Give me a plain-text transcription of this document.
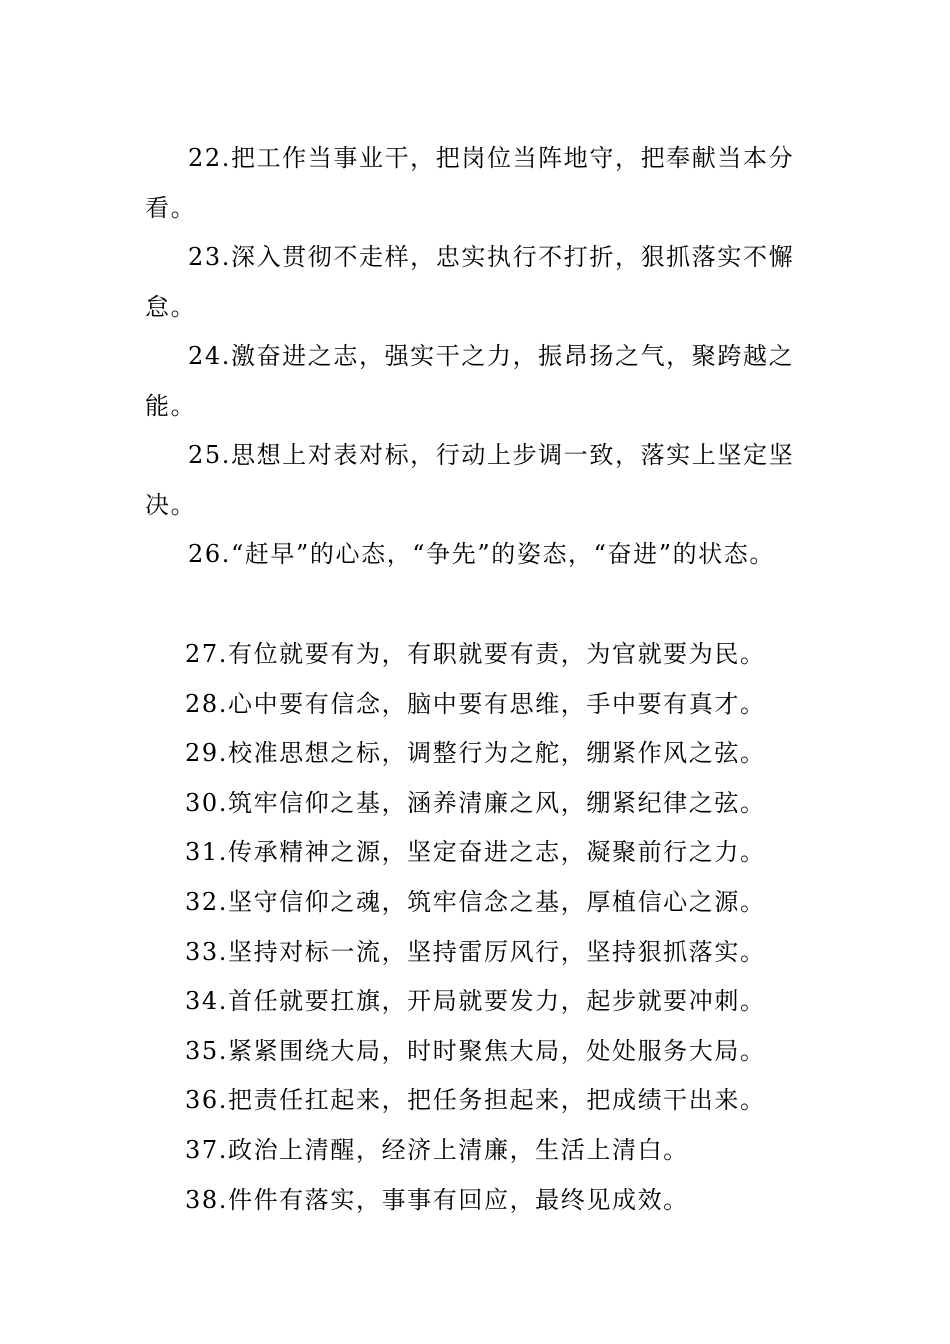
22.把工作当事业干，把岗位当阵地守，把奉献当本分
看。

23.深入贯彻不走样，忠实执行不打折，狠抓落实不懈
怠。

24.激奋进之志，强实干之力，振昂扬之气，聚跨越之
能。

25.思想上对表对标，行动上步调一致，落实上坚定坚
决。

26.“赶早”的心态，“争先”的姿态，“奋进”的状态。

27.有位就要有为，有职就要有责，为官就要为民。
28.心中要有信念，脑中要有思维，手中要有真才。
29.校准思想之标，调整行为之舵，绷紧作风之弦。
30.筑牢信仰之基，涵养清廉之风，绷紧纪律之弦。
31.传承精神之源，坚定奋进之志，凝聚前行之力。
32.坚守信仰之魂，筑牢信念之基，厚植信心之源。
33.坚持对标一流，坚持雷厉风行，坚持狠抓落实。
34.首任就要扛旗，开局就要发力，起步就要冲刺。
35.紧紧围绕大局，时时聚焦大局，处处服务大局。
36.把责任扛起来，把任务担起来，把成绩干出来。
37.政治上清醒，经济上清廉，生活上清白。
38.件件有落实，事事有回应，最终见成效。
